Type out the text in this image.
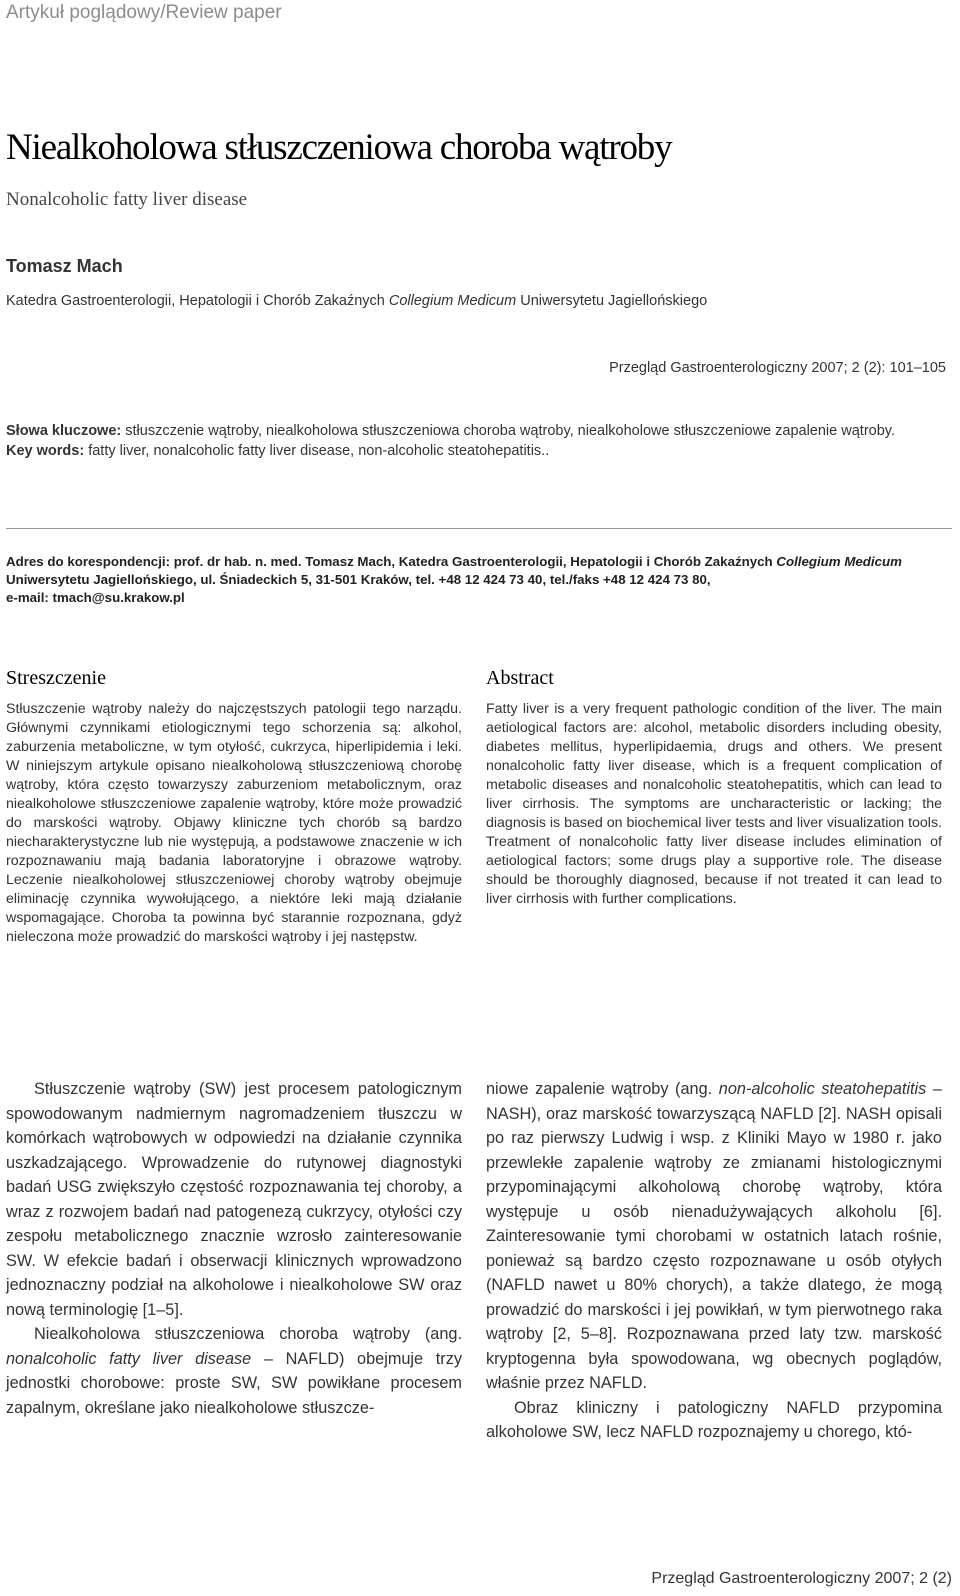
Artykuł poglądowy/Review paper
Niealkoholowa stłuszczeniowa choroba wątroby
Nonalcoholic fatty liver disease
Tomasz Mach
Katedra Gastroenterologii, Hepatologii i Chorób Zakaźnych Collegium Medicum Uniwersytetu Jagiellońskiego
Przegląd Gastroenterologiczny 2007; 2 (2): 101–105

Słowa kluczowe: stłuszczenie wątroby, niealkoholowa stłuszczeniowa choroba wątroby, niealkoholowe stłuszczeniowe zapalenie wątroby.

Key words: fatty liver, nonalcoholic fatty liver disease, non-alcoholic steatohepatitis..

Adres do korespondencji: prof. dr hab. n. med. Tomasz Mach, Katedra Gastroenterologii, Hepatologii i Chorób Zakaźnych Collegium Medicum Uniwersytetu Jagiellońskiego, ul. Śniadeckich 5, 31-501 Kraków, tel. +48 12 424 73 40, tel./faks +48 12 424 73 80,
e-mail: tmach@su.krakow.pl
Streszczenie

Stłuszczenie wątroby należy do najczęstszych patologii tego narządu. Głównymi czynnikami etiologicznymi tego schorzenia są: alkohol, zaburzenia metaboliczne, w tym otyłość, cukrzyca, hiperlipidemia i leki. W niniejszym artykule opisano niealkoholową stłuszczeniową chorobę wątroby, która często towarzyszy zaburzeniom metabolicznym, oraz niealkoholowe stłuszczeniowe zapalenie wątroby, które może prowadzić do marskości wątroby. Objawy kliniczne tych chorób są bardzo niecharakterystyczne lub nie występują, a podstawowe znaczenie w ich rozpoznawaniu mają badania laboratoryjne i obrazowe wątroby. Leczenie niealkoholowej stłuszczeniowej choroby wątroby obejmuje eliminację czynnika wywołującego, a niektóre leki mają działanie wspomagające. Choroba ta powinna być starannie rozpoznana, gdyż nieleczona może prowadzić do marskości wątroby i jej następstw.

Abstract

Fatty liver is a very frequent pathologic condition of the liver. The main aetiological factors are: alcohol, metabolic disorders including obesity, diabetes mellitus, hyperlipidaemia, drugs and others. We present nonalcoholic fatty liver disease, which is a frequent complication of metabolic diseases and nonalcoholic steatohepatitis, which can lead to liver cirrhosis. The symptoms are uncharacteristic or lacking; the diagnosis is based on biochemical liver tests and liver visualization tools. Treatment of nonalcoholic fatty liver disease includes elimination of aetiological factors; some drugs play a supportive role. The disease should be thoroughly diagnosed, because if not treated it can lead to liver cirrhosis with further complications.

Stłuszczenie wątroby (SW) jest procesem patologicznym spowodowanym nadmiernym nagromadzeniem tłuszczu w komórkach wątrobowych w odpowiedzi na działanie czynnika uszkadzającego. Wprowadzenie do rutynowej diagnostyki badań USG zwiększyło częstość rozpoznawania tej choroby, a wraz z rozwojem badań nad patogenezą cukrzycy, otyłości czy zespołu metabolicznego znacznie wzrosło zainteresowanie SW. W efekcie badań i obserwacji klinicznych wprowadzono jednoznaczny podział na alkoholowe i niealkoholowe SW oraz nową terminologię [1–5].

Niealkoholowa stłuszczeniowa choroba wątroby (ang. nonalcoholic fatty liver disease – NAFLD) obejmuje trzy jednostki chorobowe: proste SW, SW powikłane procesem zapalnym, określane jako niealkoholowe stłuszcze-

niowe zapalenie wątroby (ang. non-alcoholic steatohepatitis – NASH), oraz marskość towarzyszącą NAFLD [2]. NASH opisali po raz pierwszy Ludwig i wsp. z Kliniki Mayo w 1980 r. jako przewlekłe zapalenie wątroby ze zmianami histologicznymi przypominającymi alkoholową chorobę wątroby, która występuje u osób nienadużywających alkoholu [6]. Zainteresowanie tymi chorobami w ostatnich latach rośnie, ponieważ są bardzo często rozpoznawane u osób otyłych (NAFLD nawet u 80% chorych), a także dlatego, że mogą prowadzić do marskości i jej powikłań, w tym pierwotnego raka wątroby [2, 5–8]. Rozpoznawana przed laty tzw. marskość kryptogenna była spowodowana, wg obecnych poglądów, właśnie przez NAFLD.

Obraz kliniczny i patologiczny NAFLD przypomina alkoholowe SW, lecz NAFLD rozpoznajemy u chorego, któ-

Przegląd Gastroenterologiczny 2007; 2 (2)
